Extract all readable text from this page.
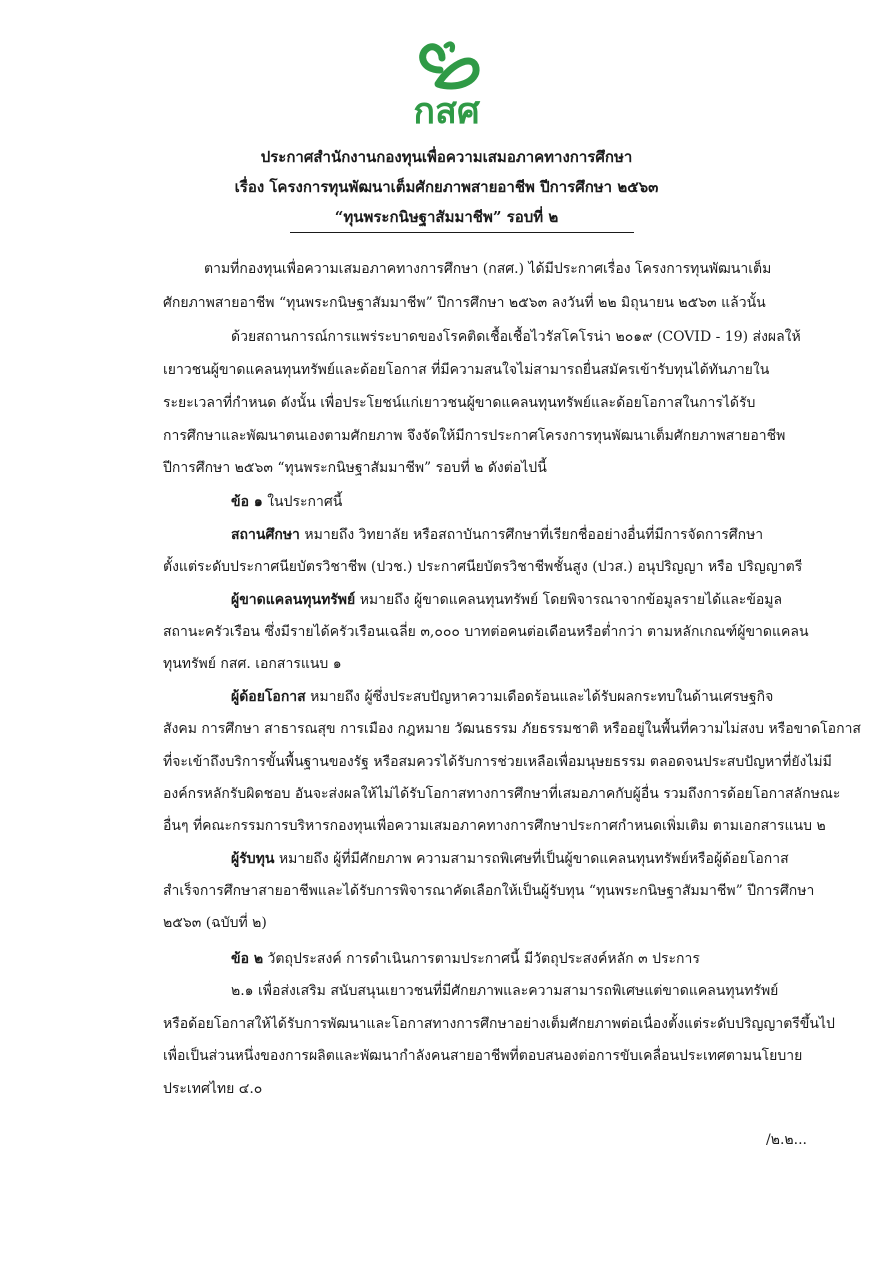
กสศ
ประกาศสำนักงานกองทุนเพื่อความเสมอภาคทางการศึกษา
เรื่อง โครงการทุนพัฒนาเต็มศักยภาพสายอาชีพ ปีการศึกษา ๒๕๖๓
“ทุนพระกนิษฐาสัมมาชีพ” รอบที่ ๒
ตามที่กองทุนเพื่อความเสมอภาคทางการศึกษา (กสศ.) ได้มีประกาศเรื่อง โครงการทุนพัฒนาเต็ม
ศักยภาพสายอาชีพ “ทุนพระกนิษฐาสัมมาชีพ” ปีการศึกษา ๒๕๖๓ ลงวันที่ ๒๒ มิถุนายน ๒๕๖๓ แล้วนั้น
ด้วยสถานการณ์การแพร่ระบาดของโรคติดเชื้อเชื้อไวรัสโคโรน่า ๒๐๑๙ (COVID - 19) ส่งผลให้
เยาวชนผู้ขาดแคลนทุนทรัพย์และด้อยโอกาส ที่มีความสนใจไม่สามารถยื่นสมัครเข้ารับทุนได้ทันภายใน
ระยะเวลาที่กำหนด ดังนั้น เพื่อประโยชน์แก่เยาวชนผู้ขาดแคลนทุนทรัพย์และด้อยโอกาสในการได้รับ
การศึกษาและพัฒนาตนเองตามศักยภาพ จึงจัดให้มีการประกาศโครงการทุนพัฒนาเต็มศักยภาพสายอาชีพ
ปีการศึกษา ๒๕๖๓ “ทุนพระกนิษฐาสัมมาชีพ” รอบที่ ๒ ดังต่อไปนี้
ข้อ ๑ ในประกาศนี้
สถานศึกษา หมายถึง วิทยาลัย หรือสถาบันการศึกษาที่เรียกชื่ออย่างอื่นที่มีการจัดการศึกษา
ตั้งแต่ระดับประกาศนียบัตรวิชาชีพ (ปวช.) ประกาศนียบัตรวิชาชีพชั้นสูง (ปวส.) อนุปริญญา หรือ ปริญญาตรี
ผู้ขาดแคลนทุนทรัพย์ หมายถึง ผู้ขาดแคลนทุนทรัพย์ โดยพิจารณาจากข้อมูลรายได้และข้อมูล
สถานะครัวเรือน ซึ่งมีรายได้ครัวเรือนเฉลี่ย ๓,๐๐๐ บาทต่อคนต่อเดือนหรือต่ำกว่า ตามหลักเกณฑ์ผู้ขาดแคลน
ทุนทรัพย์ กสศ. เอกสารแนบ ๑
ผู้ด้อยโอกาส หมายถึง ผู้ซึ่งประสบปัญหาความเดือดร้อนและได้รับผลกระทบในด้านเศรษฐกิจ
สังคม การศึกษา สาธารณสุข การเมือง กฎหมาย วัฒนธรรม ภัยธรรมชาติ หรืออยู่ในพื้นที่ความไม่สงบ หรือขาดโอกาส
ที่จะเข้าถึงบริการขั้นพื้นฐานของรัฐ หรือสมควรได้รับการช่วยเหลือเพื่อมนุษยธรรม ตลอดจนประสบปัญหาที่ยังไม่มี
องค์กรหลักรับผิดชอบ อันจะส่งผลให้ไม่ได้รับโอกาสทางการศึกษาที่เสมอภาคกับผู้อื่น รวมถึงการด้อยโอกาสลักษณะ
อื่นๆ ที่คณะกรรมการบริหารกองทุนเพื่อความเสมอภาคทางการศึกษาประกาศกำหนดเพิ่มเติม ตามเอกสารแนบ ๒
ผู้รับทุน หมายถึง ผู้ที่มีศักยภาพ ความสามารถพิเศษที่เป็นผู้ขาดแคลนทุนทรัพย์หรือผู้ด้อยโอกาส
สำเร็จการศึกษาสายอาชีพและได้รับการพิจารณาคัดเลือกให้เป็นผู้รับทุน “ทุนพระกนิษฐาสัมมาชีพ” ปีการศึกษา
๒๕๖๓ (ฉบับที่ ๒)
ข้อ ๒ วัตถุประสงค์ การดำเนินการตามประกาศนี้ มีวัตถุประสงค์หลัก ๓ ประการ
๒.๑ เพื่อส่งเสริม สนับสนุนเยาวชนที่มีศักยภาพและความสามารถพิเศษแต่ขาดแคลนทุนทรัพย์
หรือด้อยโอกาสให้ได้รับการพัฒนาและโอกาสทางการศึกษาอย่างเต็มศักยภาพต่อเนื่องตั้งแต่ระดับปริญญาตรีขึ้นไป
เพื่อเป็นส่วนหนึ่งของการผลิตและพัฒนากำลังคนสายอาชีพที่ตอบสนองต่อการขับเคลื่อนประเทศตามนโยบาย
ประเทศไทย ๔.๐
/๒.๒...
